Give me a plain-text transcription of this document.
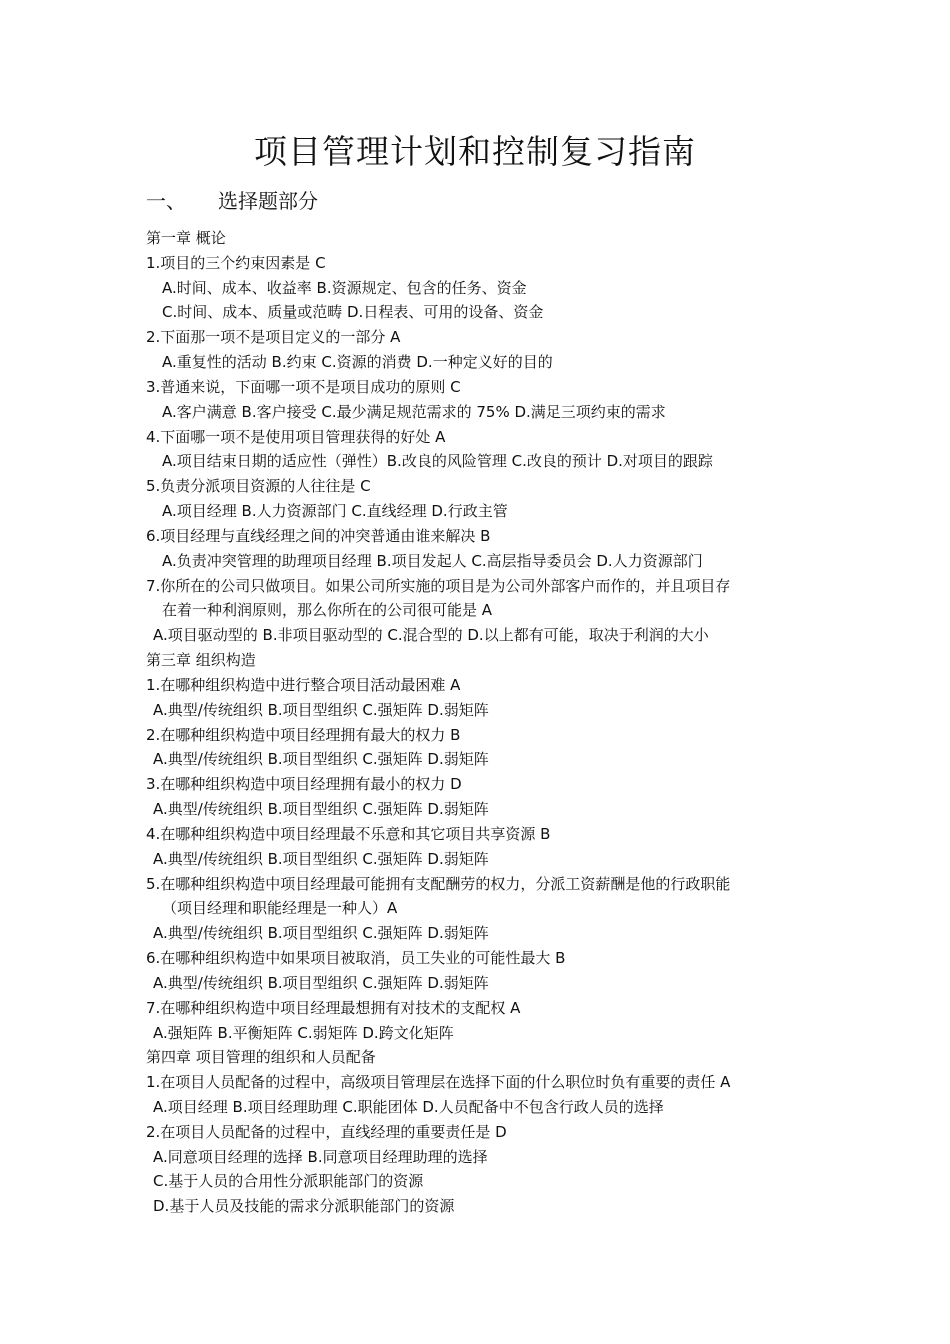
项目管理计划和控制复习指南
一、 选择题部分
第一章 概论
1.项目的三个约束因素是 C
A.时间、成本、收益率 B.资源规定、包含的任务、资金
C.时间、成本、质量或范畴 D.日程表、可用的设备、资金
2.下面那一项不是项目定义的一部分 A
A.重复性的活动 B.约束 C.资源的消费 D.一种定义好的目的
3.普通来说，下面哪一项不是项目成功的原则 C
A.客户满意 B.客户接受 C.最少满足规范需求的 75% D.满足三项约束的需求
4.下面哪一项不是使用项目管理获得的好处 A
A.项目结束日期的适应性（弹性）B.改良的风险管理 C.改良的预计 D.对项目的跟踪
5.负责分派项目资源的人往往是 C
A.项目经理 B.人力资源部门 C.直线经理 D.行政主管
6.项目经理与直线经理之间的冲突普通由谁来解决 B
A.负责冲突管理的助理项目经理 B.项目发起人 C.高层指导委员会 D.人力资源部门
7.你所在的公司只做项目。如果公司所实施的项目是为公司外部客户而作的，并且项目存
在着一种利润原则，那么你所在的公司很可能是 A
A.项目驱动型的 B.非项目驱动型的 C.混合型的 D.以上都有可能，取决于利润的大小
第三章 组织构造
1.在哪种组织构造中进行整合项目活动最困难 A
A.典型/传统组织 B.项目型组织 C.强矩阵 D.弱矩阵
2.在哪种组织构造中项目经理拥有最大的权力 B
A.典型/传统组织 B.项目型组织 C.强矩阵 D.弱矩阵
3.在哪种组织构造中项目经理拥有最小的权力 D
A.典型/传统组织 B.项目型组织 C.强矩阵 D.弱矩阵
4.在哪种组织构造中项目经理最不乐意和其它项目共享资源 B
A.典型/传统组织 B.项目型组织 C.强矩阵 D.弱矩阵
5.在哪种组织构造中项目经理最可能拥有支配酬劳的权力，分派工资薪酬是他的行政职能
（项目经理和职能经理是一种人）A
A.典型/传统组织 B.项目型组织 C.强矩阵 D.弱矩阵
6.在哪种组织构造中如果项目被取消，员工失业的可能性最大 B
A.典型/传统组织 B.项目型组织 C.强矩阵 D.弱矩阵
7.在哪种组织构造中项目经理最想拥有对技术的支配权 A
A.强矩阵 B.平衡矩阵 C.弱矩阵 D.跨文化矩阵
第四章 项目管理的组织和人员配备
1.在项目人员配备的过程中，高级项目管理层在选择下面的什么职位时负有重要的责任 A
A.项目经理 B.项目经理助理 C.职能团体 D.人员配备中不包含行政人员的选择
2.在项目人员配备的过程中，直线经理的重要责任是 D
A.同意项目经理的选择 B.同意项目经理助理的选择
C.基于人员的合用性分派职能部门的资源
D.基于人员及技能的需求分派职能部门的资源
